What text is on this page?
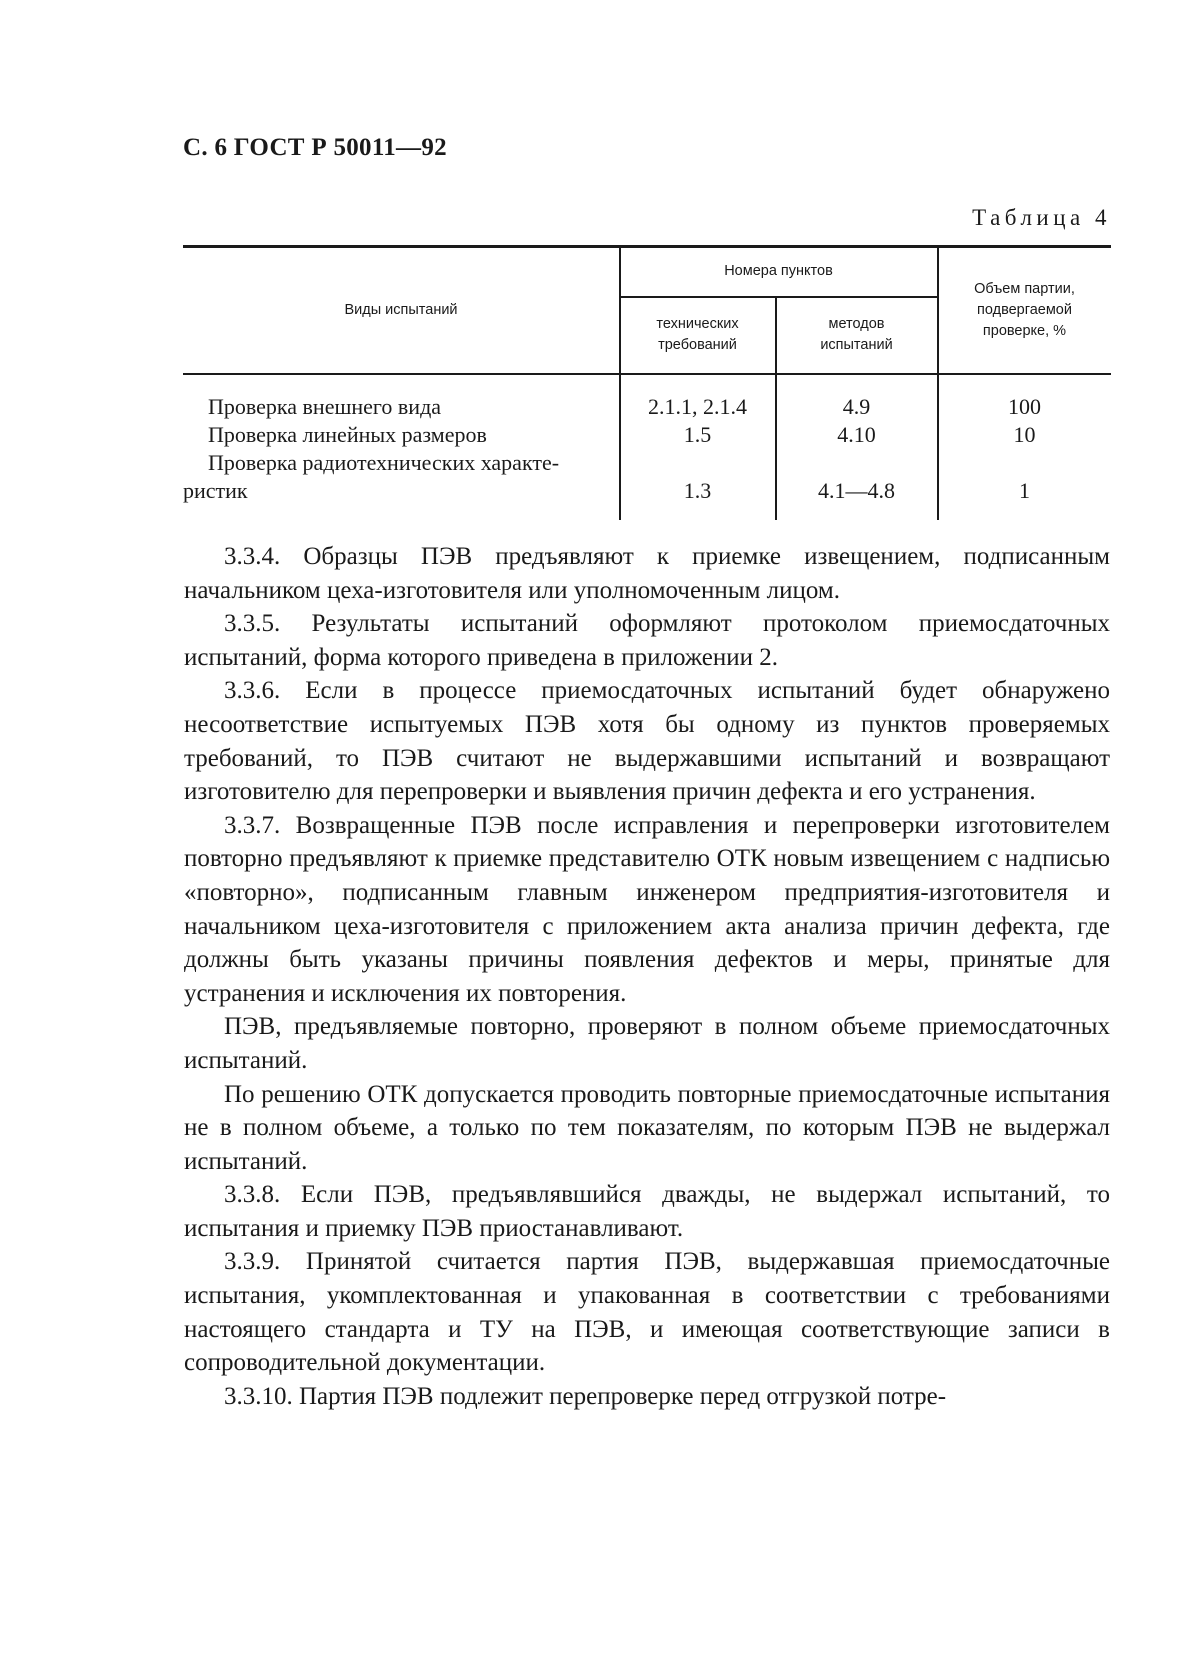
С. 6 ГОСТ Р 50011—92
Таблица 4
Виды испытаний
Номера пунктов
технических требований
методов испытаний
Объем партии, подвергаемой проверке, %
Проверка внешнего вида	2.1.1, 2.1.4	4.9	100
Проверка линейных размеров	1.5	4.10	10
Проверка радиотехнических характе-ристик	1.3	4.1—4.8	1

3.3.4. Образцы ПЭВ предъявляют к приемке извещением, подписанным начальником цеха-изготовителя или уполномоченным лицом.

3.3.5. Результаты испытаний оформляют протоколом приемосдаточных испытаний, форма которого приведена в приложении 2.

3.3.6. Если в процессе приемосдаточных испытаний будет обнаружено несоответствие испытуемых ПЭВ хотя бы одному из пунктов проверяемых требований, то ПЭВ считают не выдержавшими испытаний и возвращают изготовителю для перепроверки и выявления причин дефекта и его устранения.

3.3.7. Возвращенные ПЭВ после исправления и перепроверки изготовителем повторно предъявляют к приемке представителю ОТК новым извещением с надписью «повторно», подписанным главным инженером предприятия-изготовителя и начальником цеха-изготовителя с приложением акта анализа причин дефекта, где должны быть указаны причины появления дефектов и меры, принятые для устранения и исключения их повторения.

ПЭВ, предъявляемые повторно, проверяют в полном объеме приемосдаточных испытаний.

По решению ОТК допускается проводить повторные приемосдаточные испытания не в полном объеме, а только по тем показателям, по которым ПЭВ не выдержал испытаний.

3.3.8. Если ПЭВ, предъявлявшийся дважды, не выдержал испытаний, то испытания и приемку ПЭВ приостанавливают.

3.3.9. Принятой считается партия ПЭВ, выдержавшая приемосдаточные испытания, укомплектованная и упакованная в соответствии с требованиями настоящего стандарта и ТУ на ПЭВ, и имеющая соответствующие записи в сопроводительной документации.

3.3.10. Партия ПЭВ подлежит перепроверке перед отгрузкой потре-
